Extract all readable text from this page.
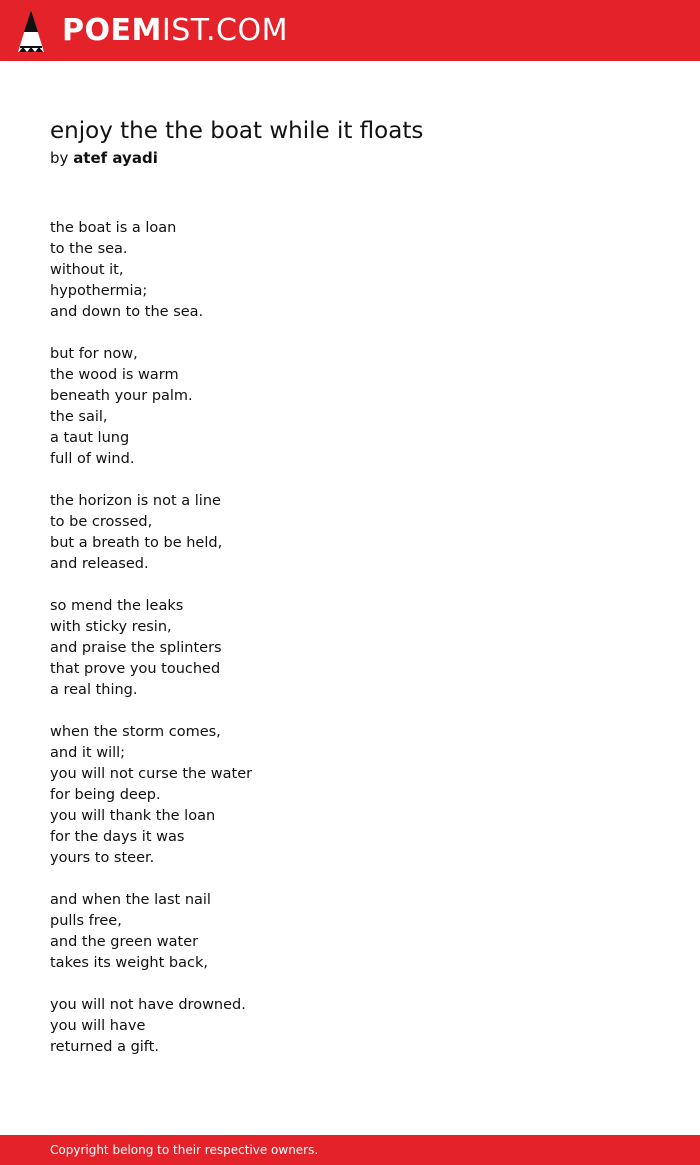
POEMIST.COM
enjoy the the boat while it floats
by atef ayadi
the boat is a loan
to the sea.
without it,
hypothermia;
and down to the sea.
but for now,
the wood is warm
beneath your palm.
the sail,
a taut lung
full of wind.
the horizon is not a line
to be crossed,
but a breath to be held,
and released.
so mend the leaks
with sticky resin,
and praise the splinters
that prove you touched
a real thing.
when the storm comes,
and it will;
you will not curse the water
for being deep.
you will thank the loan
for the days it was
yours to steer.
and when the last nail
pulls free,
and the green water
takes its weight back,
you will not have drowned.
you will have
returned a gift.
Copyright belong to their respective owners.
